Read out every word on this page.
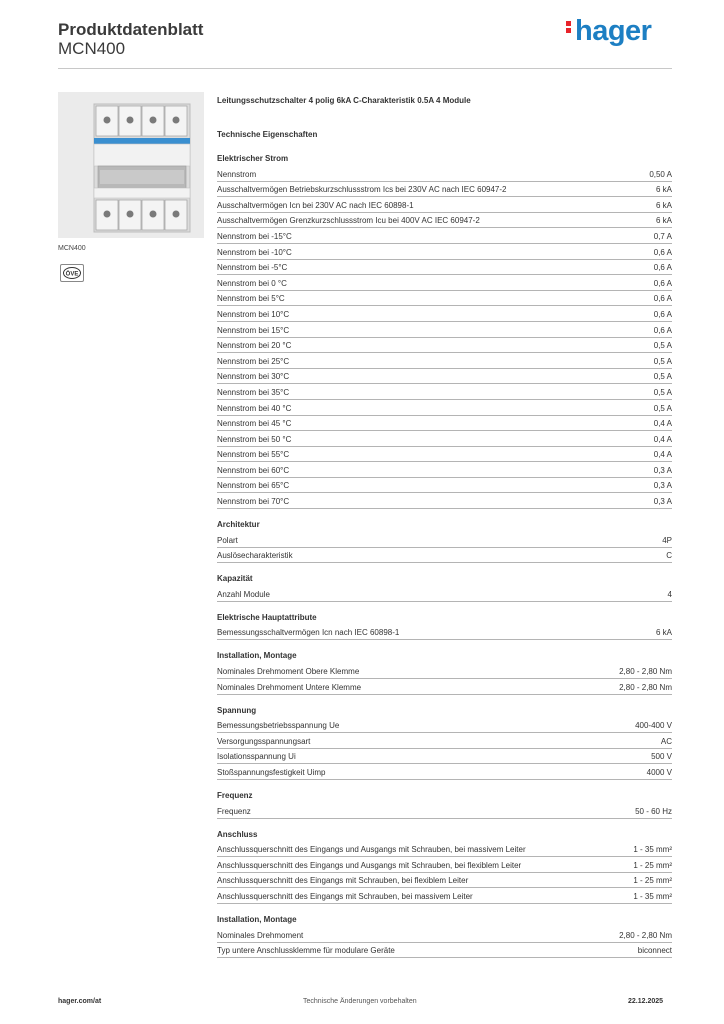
Produktdatenblatt
MCN400
hager
MCN400
ÖVE
Leitungsschutzschalter 4 polig 6kA C-Charakteristik 0.5A 4 Module
Technische Eigenschaften
Elektrischer Strom
Nennstrom	0,50 A
Ausschaltvermögen Betriebskurzschlussstrom Ics bei 230V AC nach IEC 60947-2	6 kA
Ausschaltvermögen Icn bei 230V AC nach IEC 60898-1	6 kA
Ausschaltvermögen Grenzkurzschlussstrom Icu bei 400V AC IEC 60947-2	6 kA
Nennstrom bei -15°C	0,7 A
Nennstrom bei -10°C	0,6 A
Nennstrom bei -5°C	0,6 A
Nennstrom bei 0 °C	0,6 A
Nennstrom bei 5°C	0,6 A
Nennstrom bei 10°C	0,6 A
Nennstrom bei 15°C	0,6 A
Nennstrom bei 20 °C	0,5 A
Nennstrom bei 25°C	0,5 A
Nennstrom bei 30°C	0,5 A
Nennstrom bei 35°C	0,5 A
Nennstrom bei 40 °C	0,5 A
Nennstrom bei 45 °C	0,4 A
Nennstrom bei 50 °C	0,4 A
Nennstrom bei 55°C	0,4 A
Nennstrom bei 60°C	0,3 A
Nennstrom bei 65°C	0,3 A
Nennstrom bei 70°C	0,3 A
Architektur
Polart	4P
Auslösecharakteristik	C
Kapazität
Anzahl Module	4
Elektrische Hauptattribute
Bemessungsschaltvermögen Icn nach IEC 60898-1	6 kA
Installation, Montage
Nominales Drehmoment Obere Klemme	2,80 - 2,80 Nm
Nominales Drehmoment Untere Klemme	2,80 - 2,80 Nm
Spannung
Bemessungsbetriebsspannung Ue	400-400 V
Versorgungsspannungsart	AC
Isolationsspannung Ui	500 V
Stoßspannungsfestigkeit Uimp	4000 V
Frequenz
Frequenz	50 - 60 Hz
Anschluss
Anschlussquerschnitt des Eingangs und Ausgangs mit Schrauben, bei massivem Leiter	1 - 35 mm²
Anschlussquerschnitt des Eingangs und Ausgangs mit Schrauben, bei flexiblem Leiter	1 - 25 mm²
Anschlussquerschnitt des Eingangs mit Schrauben, bei flexiblem Leiter	1 - 25 mm²
Anschlussquerschnitt des Eingangs mit Schrauben, bei massivem Leiter	1 - 35 mm²
Installation, Montage
Nominales Drehmoment	2,80 - 2,80 Nm
Typ untere Anschlussklemme für modulare Geräte	biconnect
hager.com/at	Technische Änderungen vorbehalten	22.12.2025
